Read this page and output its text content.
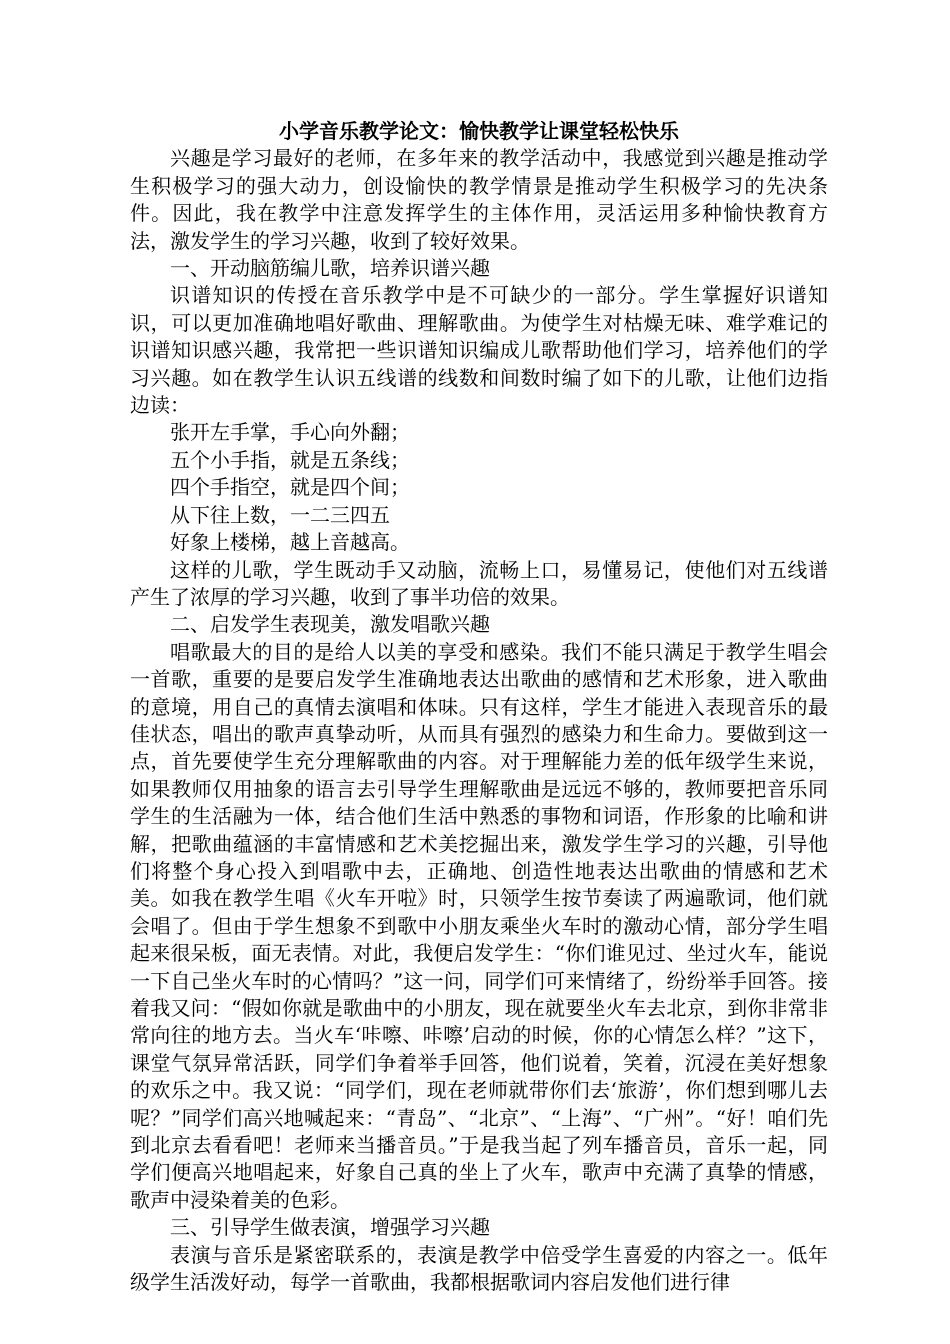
小学音乐教学论文：愉快教学让课堂轻松快乐

兴趣是学习最好的老师，在多年来的教学活动中，我感觉到兴趣是推动学生积极学习的强大动力，创设愉快的教学情景是推动学生积极学习的先决条件。因此，我在教学中注意发挥学生的主体作用，灵活运用多种愉快教育方法，激发学生的学习兴趣，收到了较好效果。

一、开动脑筋编儿歌，培养识谱兴趣

识谱知识的传授在音乐教学中是不可缺少的一部分。学生掌握好识谱知识，可以更加准确地唱好歌曲、理解歌曲。为使学生对枯燥无味、难学难记的识谱知识感兴趣，我常把一些识谱知识编成儿歌帮助他们学习，培养他们的学习兴趣。如在教学生认识五线谱的线数和间数时编了如下的儿歌，让他们边指边读：

张开左手掌，手心向外翻；

五个小手指，就是五条线；

四个手指空，就是四个间；

从下往上数，一二三四五

好象上楼梯，越上音越高。

这样的儿歌，学生既动手又动脑，流畅上口，易懂易记，使他们对五线谱产生了浓厚的学习兴趣，收到了事半功倍的效果。

二、启发学生表现美，激发唱歌兴趣

唱歌最大的目的是给人以美的享受和感染。我们不能只满足于教学生唱会一首歌，重要的是要启发学生准确地表达出歌曲的感情和艺术形象，进入歌曲的意境，用自己的真情去演唱和体味。只有这样，学生才能进入表现音乐的最佳状态，唱出的歌声真挚动听，从而具有强烈的感染力和生命力。要做到这一点，首先要使学生充分理解歌曲的内容。对于理解能力差的低年级学生来说，如果教师仅用抽象的语言去引导学生理解歌曲是远远不够的，教师要把音乐同学生的生活融为一体，结合他们生活中熟悉的事物和词语，作形象的比喻和讲解，把歌曲蕴涵的丰富情感和艺术美挖掘出来，激发学生学习的兴趣，引导他们将整个身心投入到唱歌中去，正确地、创造性地表达出歌曲的情感和艺术美。如我在教学生唱《火车开啦》时，只领学生按节奏读了两遍歌词，他们就会唱了。但由于学生想象不到歌中小朋友乘坐火车时的激动心情，部分学生唱起来很呆板，面无表情。对此，我便启发学生：“你们谁见过、坐过火车，能说一下自己坐火车时的心情吗？”这一问，同学们可来情绪了，纷纷举手回答。接着我又问：“假如你就是歌曲中的小朋友，现在就要坐火车去北京，到你非常非常向往的地方去。当火车‘咔嚓、咔嚓’启动的时候，你的心情怎么样？”这下，课堂气氛异常活跃，同学们争着举手回答，他们说着，笑着，沉浸在美好想象的欢乐之中。我又说：“同学们，现在老师就带你们去‘旅游’，你们想到哪儿去呢？”同学们高兴地喊起来：“青岛”、“北京”、“上海”、“广州”。“好！咱们先到北京去看看吧！老师来当播音员。”于是我当起了列车播音员，音乐一起，同学们便高兴地唱起来，好象自己真的坐上了火车，歌声中充满了真挚的情感，歌声中浸染着美的色彩。

三、引导学生做表演，增强学习兴趣

表演与音乐是紧密联系的，表演是教学中倍受学生喜爱的内容之一。低年级学生活泼好动，每学一首歌曲，我都根据歌词内容启发他们进行律
